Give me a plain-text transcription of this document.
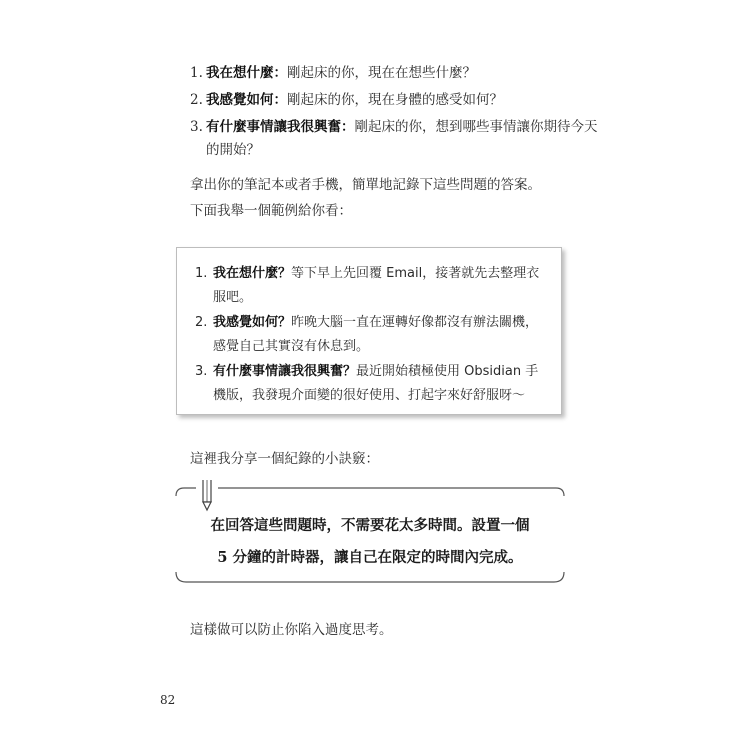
1. 我在想什麼：剛起床的你，現在在想些什麼？
2. 我感覺如何：剛起床的你，現在身體的感受如何？
3. 有什麼事情讓我很興奮：剛起床的你，想到哪些事情讓你期待今天的開始？

拿出你的筆記本或者手機，簡單地記錄下這些問題的答案。
下面我舉一個範例給你看：

1. 我在想什麼？等下早上先回覆 Email，接著就先去整理衣服吧。
2. 我感覺如何？昨晚大腦一直在運轉好像都沒有辦法關機，感覺自己其實沒有休息到。
3. 有什麼事情讓我很興奮？最近開始積極使用 Obsidian 手機版，我發現介面變的很好使用、打起字來好舒服呀～

這裡我分享一個紀錄的小訣竅：

在回答這些問題時，不需要花太多時間。設置一個
5 分鐘的計時器，讓自己在限定的時間內完成。

這樣做可以防止你陷入過度思考。

82
